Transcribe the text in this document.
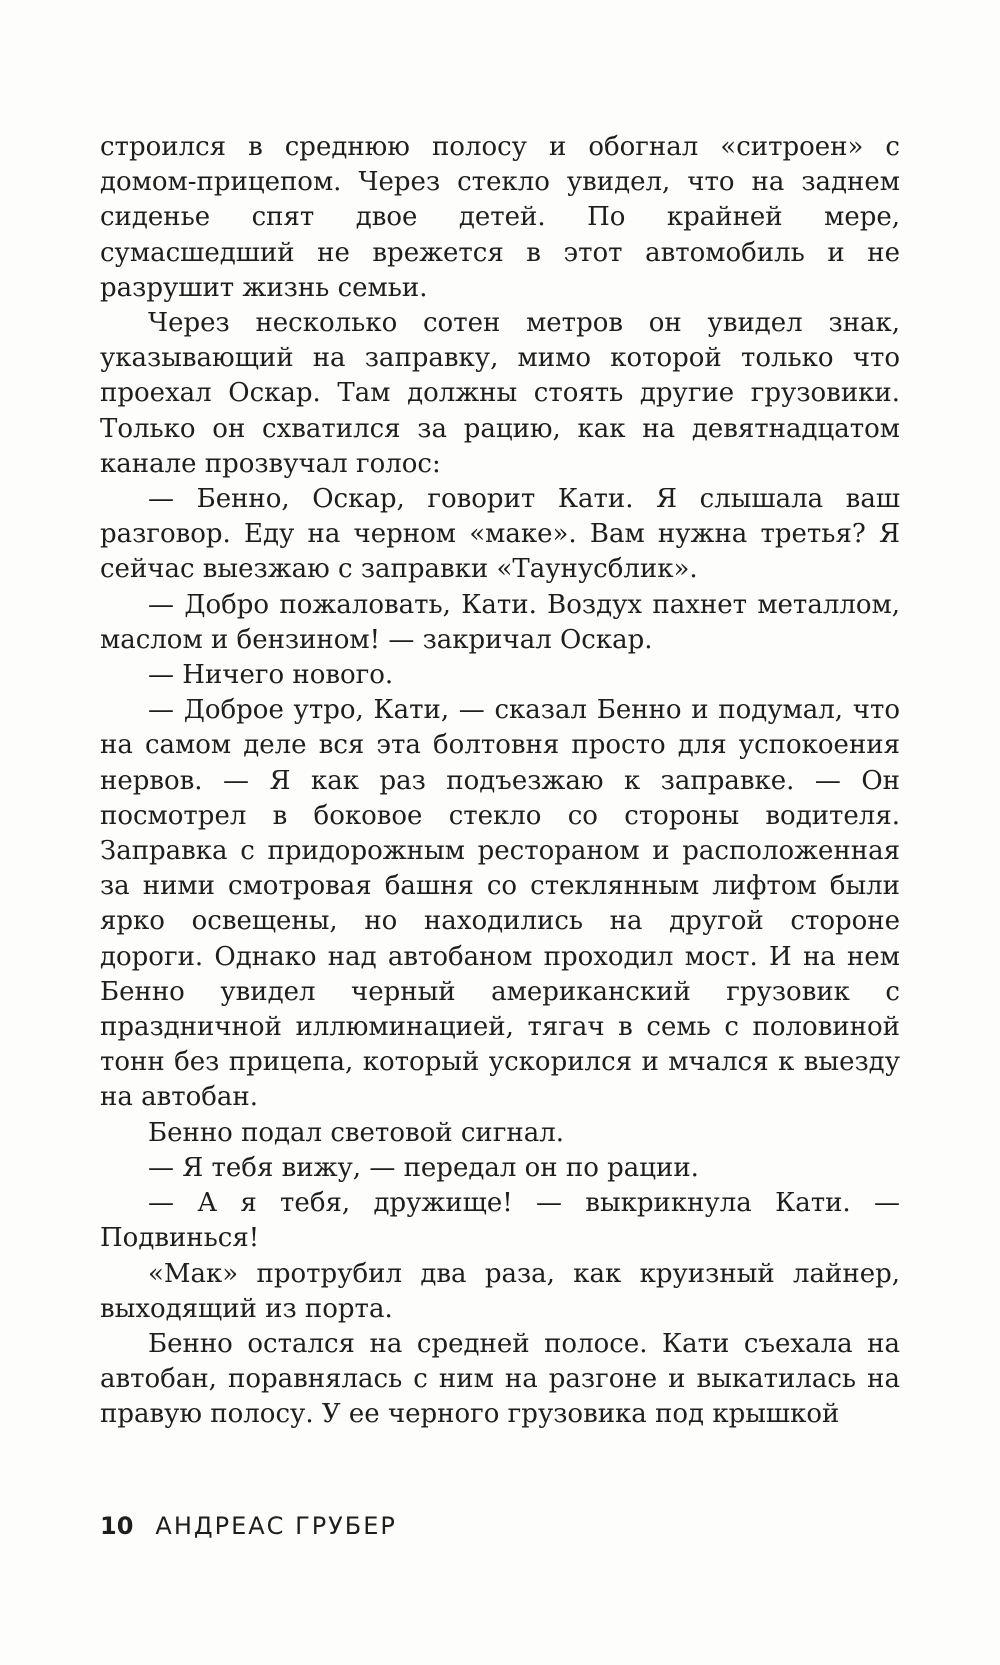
строился в среднюю полосу и обогнал «ситроен» с домом-прицепом. Через стекло увидел, что на заднем сиденье спят двое детей. По крайней мере, сумасшедший не врежется в этот автомобиль и не разрушит жизнь семьи.

Через несколько сотен метров он увидел знак, указывающий на заправку, мимо которой только что проехал Оскар. Там должны стоять другие грузовики. Только он схватился за рацию, как на девятнадцатом канале прозвучал голос:

— Бенно, Оскар, говорит Кати. Я слышала ваш разговор. Еду на черном «маке». Вам нужна третья? Я сейчас выезжаю с заправки «Таунусблик».

— Добро пожаловать, Кати. Воздух пахнет металлом, маслом и бензином! — закричал Оскар.

— Ничего нового.

— Доброе утро, Кати, — сказал Бенно и подумал, что на самом деле вся эта болтовня просто для успокоения нервов. — Я как раз подъезжаю к заправке. — Он посмотрел в боковое стекло со стороны водителя. Заправка с придорожным рестораном и расположенная за ними смотровая башня со стеклянным лифтом были ярко освещены, но находились на другой стороне дороги. Однако над автобаном проходил мост. И на нем Бенно увидел черный американский грузовик с праздничной иллюминацией, тягач в семь с половиной тонн без прицепа, который ускорился и мчался к выезду на автобан.

Бенно подал световой сигнал.

— Я тебя вижу, — передал он по рации.

— А я тебя, дружище! — выкрикнула Кати. — Подвинься!

«Мак» протрубил два раза, как круизный лайнер, выходящий из порта.

Бенно остался на средней полосе. Кати съехала на автобан, поравнялась с ним на разгоне и выкатилась на правую полосу. У ее черного грузовика под крышкой

10 АНДРЕАС ГРУБЕР
